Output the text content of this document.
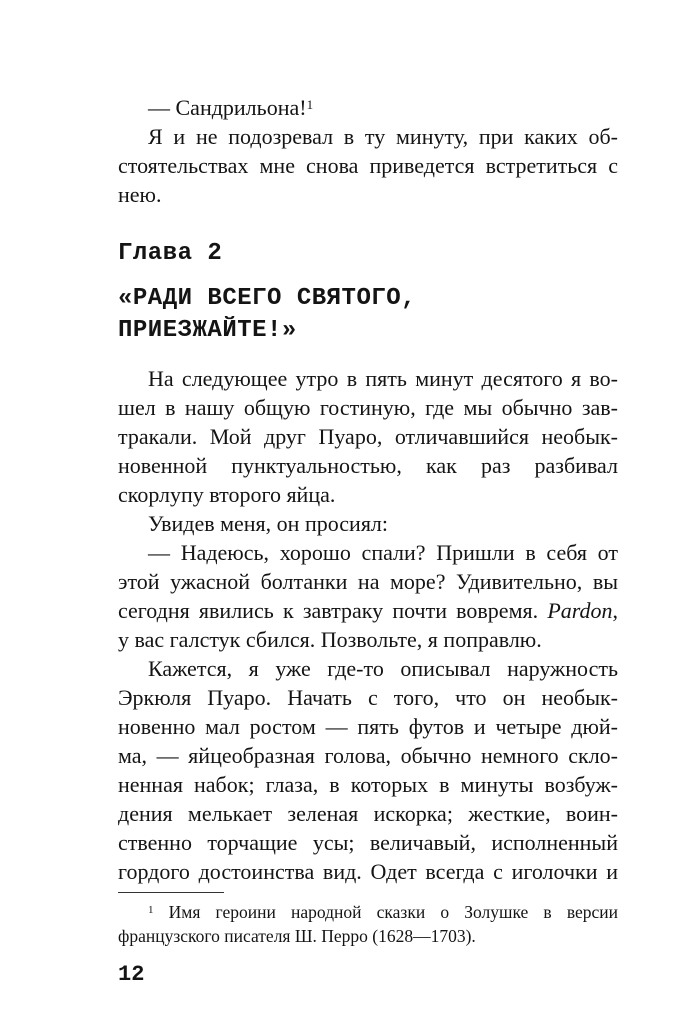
— Сандрильона!$^1$
Я и не подозревал в ту минуту, при каких об-
стоятельствах мне снова приведется встретиться с
нею.
Глава 2
«РАДИ ВСЕГО СВЯТОГО,
ПРИЕЗЖАЙТЕ!»
На следующее утро в пять минут десятого я во-
шел в нашу общую гостиную, где мы обычно зав-
тракали. Мой друг Пуаро, отличавшийся необык-
новенной пунктуальностью, как раз разбивал
скорлупу второго яйца.
Увидев меня, он просиял:
— Надеюсь, хорошо спали? Пришли в себя от
этой ужасной болтанки на море? Удивительно, вы
сегодня явились к завтраку почти вовремя. Pardon,
у вас галстук сбился. Позвольте, я поправлю.
Кажется, я уже где-то описывал наружность
Эркюля Пуаро. Начать с того, что он необык-
новенно мал ростом — пять футов и четыре дюй-
ма, — яйцеобразная голова, обычно немного скло-
ненная набок; глаза, в которых в минуты возбуж-
дения мелькает зеленая искорка; жесткие, воин-
ственно торчащие усы; величавый, исполненный
гордого достоинства вид. Одет всегда с иголочки и
$^1$ Имя героини народной сказки о Золушке в версии
французского писателя Ш. Перро (1628—1703).
12
